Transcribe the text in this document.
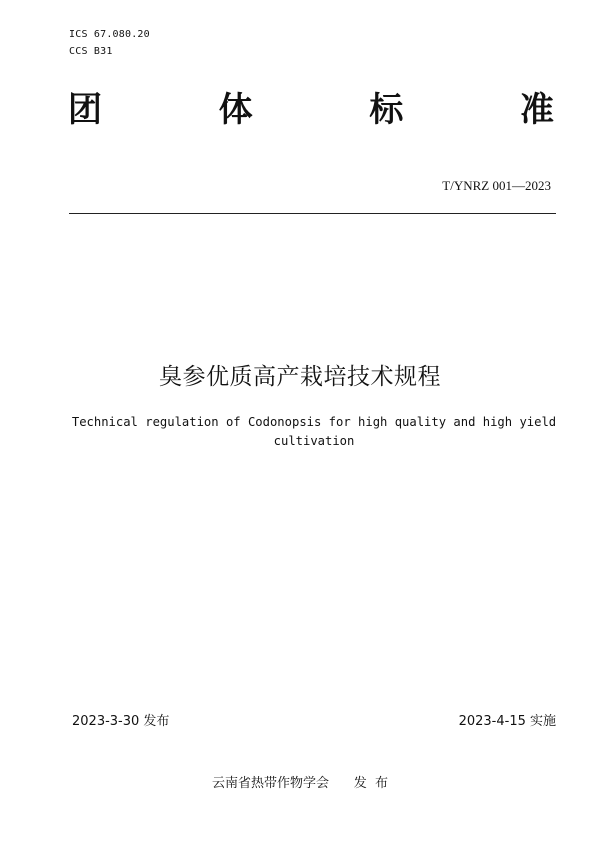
ICS 67.080.20
CCS B31
团	体	标	准
T/YNRZ 001—2023
臭参优质高产栽培技术规程
Technical regulation of Codonopsis for high quality and high yield
cultivation
2023-3-30 发布	2023-4-15 实施
云南省热带作物学会      发  布
